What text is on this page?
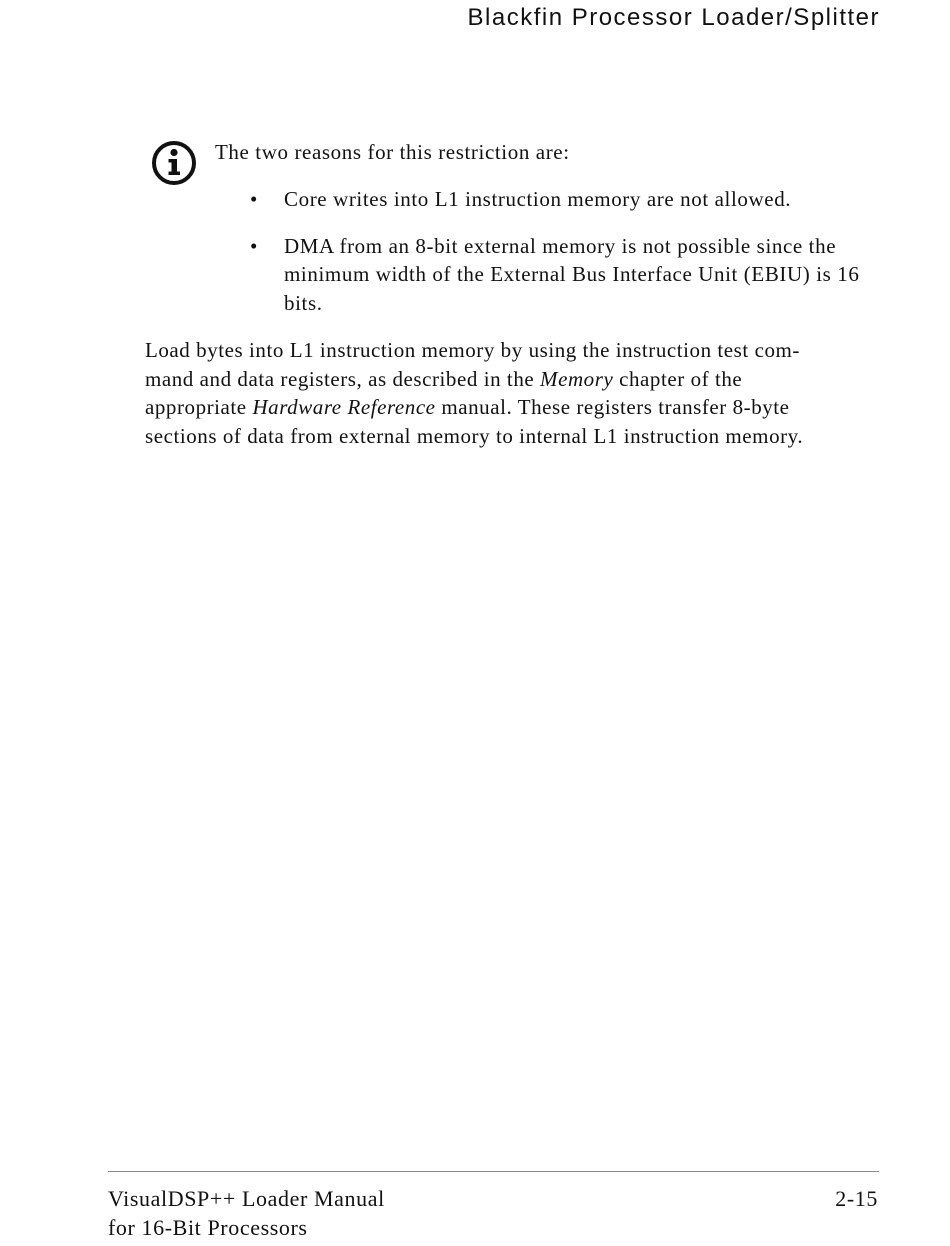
Blackfin Processor Loader/Splitter
The two reasons for this restriction are:
• Core writes into L1 instruction memory are not allowed.
• DMA from an 8-bit external memory is not possible since the minimum width of the External Bus Interface Unit (EBIU) is 16 bits.

Load bytes into L1 instruction memory by using the instruction test com-
mand and data registers, as described in the Memory chapter of the
appropriate Hardware Reference manual. These registers transfer 8-byte
sections of data from external memory to internal L1 instruction memory.

VisualDSP++ Loader Manual
for 16-Bit Processors
2-15
